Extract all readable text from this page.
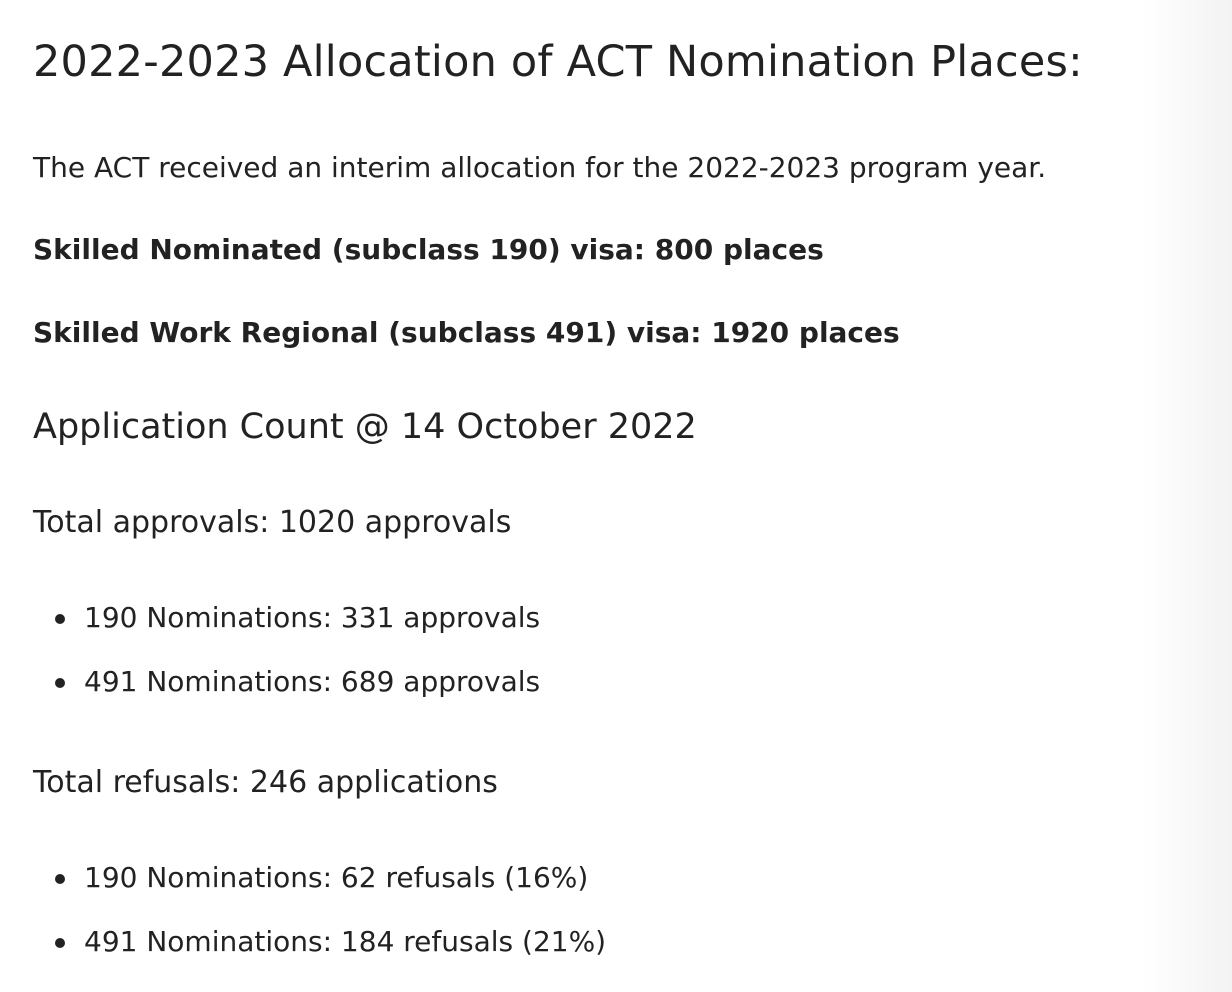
2022-2023 Allocation of ACT Nomination Places:

The ACT received an interim allocation for the 2022-2023 program year.

Skilled Nominated (subclass 190) visa: 800 places

Skilled Work Regional (subclass 491) visa: 1920 places

Application Count @ 14 October 2022

Total approvals: 1020 approvals

190 Nominations: 331 approvals
491 Nominations: 689 approvals

Total refusals: 246 applications

190 Nominations: 62 refusals (16%)
491 Nominations: 184 refusals (21%)
